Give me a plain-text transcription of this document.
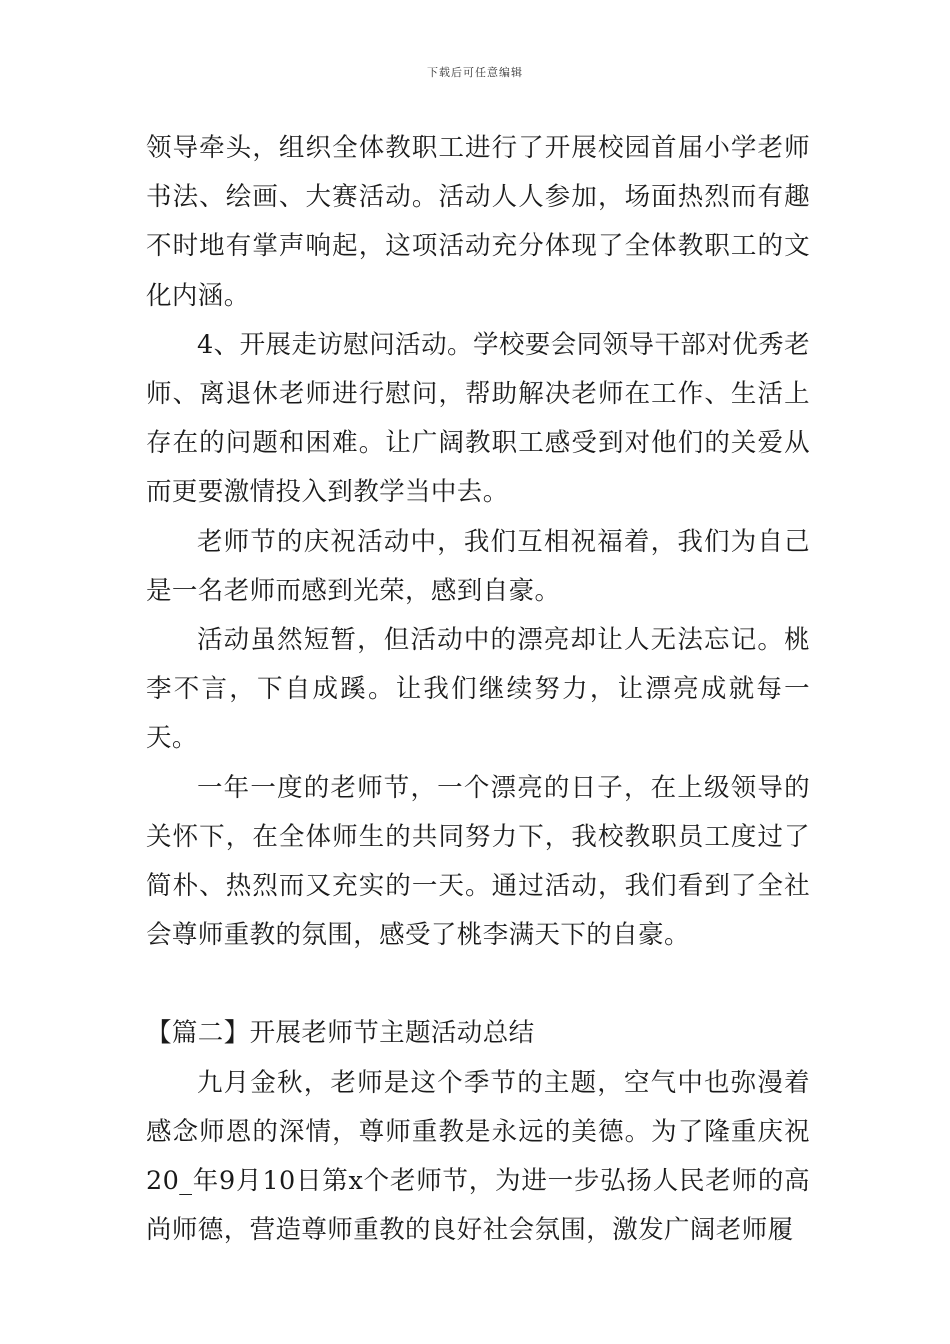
下载后可任意编辑

领导牵头，组织全体教职工进行了开展校园首届小学老师书法、绘画、大赛活动。活动人人参加，场面热烈而有趣不时地有掌声响起，这项活动充分体现了全体教职工的文化内涵。

4、开展走访慰问活动。学校要会同领导干部对优秀老师、离退休老师进行慰问，帮助解决老师在工作、生活上存在的问题和困难。让广阔教职工感受到对他们的关爱从而更要激情投入到教学当中去。

老师节的庆祝活动中，我们互相祝福着，我们为自己是一名老师而感到光荣，感到自豪。

活动虽然短暂，但活动中的漂亮却让人无法忘记。桃李不言，下自成蹊。让我们继续努力，让漂亮成就每一天。

一年一度的老师节，一个漂亮的日子，在上级领导的关怀下，在全体师生的共同努力下，我校教职员工度过了简朴、热烈而又充实的一天。通过活动，我们看到了全社会尊师重教的氛围，感受了桃李满天下的自豪。

【篇二】开展老师节主题活动总结

九月金秋，老师是这个季节的主题，空气中也弥漫着感念师恩的深情，尊师重教是永远的美德。为了隆重庆祝20_年9月10日第x个老师节，为进一步弘扬人民老师的高尚师德，营造尊师重教的良好社会氛围，激发广阔老师履
